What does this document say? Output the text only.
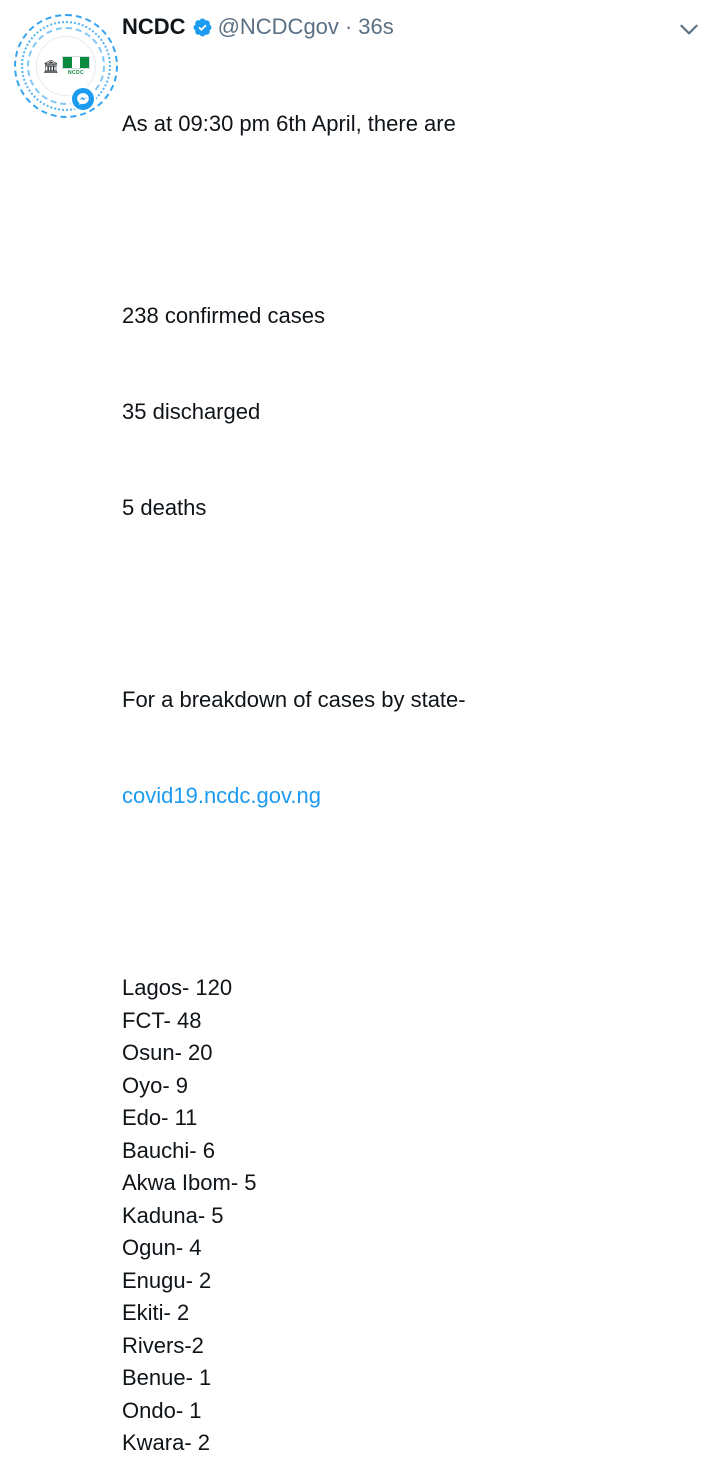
🏛 NCDC
NCDC @NCDCgov · 36s

As at 09:30 pm 6th April, there are

238 confirmed cases

35 discharged

5 deaths

For a breakdown of cases by state-

covid19.ncdc.gov.ng

Lagos- 120
FCT- 48
Osun- 20
Oyo- 9
Edo- 11
Bauchi- 6
Akwa Ibom- 5
Kaduna- 5
Ogun- 4
Enugu- 2
Ekiti- 2
Rivers-2
Benue- 1
Ondo- 1
Kwara- 2
